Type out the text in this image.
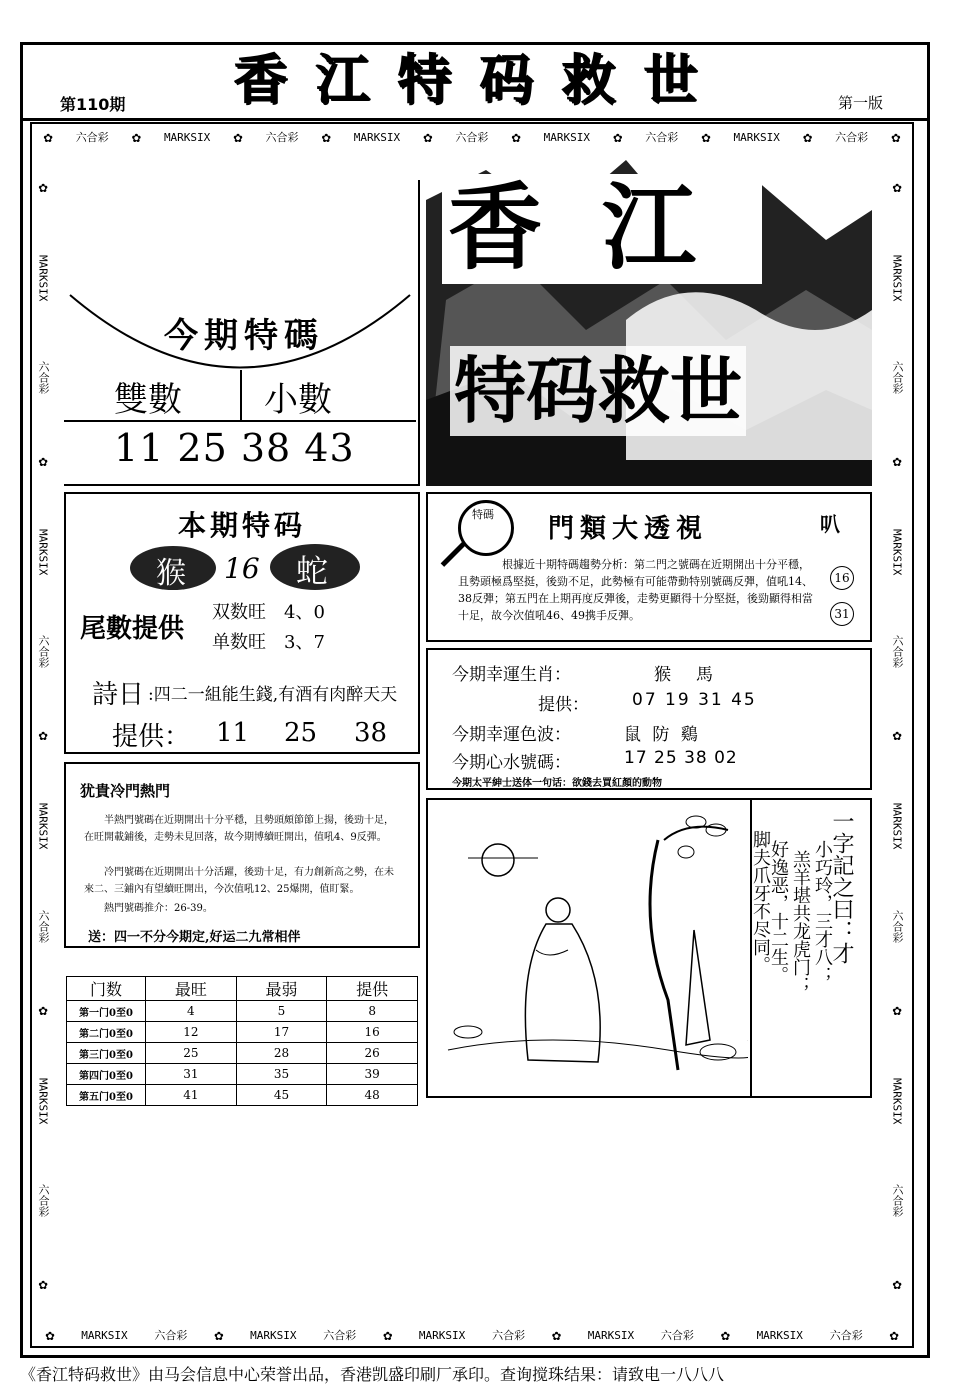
香江特码救世
第110期	第一版
✿ 六合彩 ✿ MARKSIX ✿ 六合彩 ✿ MARKSIX ✿ 六合彩 ✿ MARKSIX ✿ 六合彩 ✿ MARKSIX ✿ 六合彩 ✿
✿ MARKSIX 六合彩 ✿ MARKSIX 六合彩 ✿ MARKSIX 六合彩 ✿ MARKSIX 六合彩 ✿ MARKSIX 六合彩 ✿
✿
MARKSIX
六合彩
✿
MARKSIX
六合彩
✿
MARKSIX
六合彩
✿
MARKSIX
六合彩
✿
✿
MARKSIX
六合彩
✿
MARKSIX
六合彩
✿
MARKSIX
六合彩
✿
MARKSIX
六合彩
✿
今期特碼
雙數 小數
11 25 38 43
香江
特码救世
本期特码
猴 16 蛇
尾數提供
双数旺　4、0
单数旺　3、7
詩日 :四二一組能生錢,有酒有肉醉天天
提供： 11 25 38
特碼 門類大透視	叭
根據近十期特碼趨勢分析：第二門之號碼在近期開出十分平穩，且勢頭極爲堅挺，後勁不足，此勢極有可能帶動特别號碼反彈，值吼14、38反彈；第五門在上期再度反彈後，走勢更顯得十分堅挺，後勁顯得相當十足，故今次值吼46、49携手反彈。
16
31
今期幸運生肖：	猴　馬
提供：	07 19 31 45
今期幸運色波：	鼠 防 鷄
今期心水號碼：	17 25 38 02
今期太平紳士送体一句话：欲錢去買紅顏的動物
犹貴冷門熱門
半熱門號碼在近期開出十分平穩，且勢頭頗節節上揚，後勁十足，在旺開載鋪後，走勢未見回落，故今期博續旺開出，值吼4、9反彈。
冷門號碼在近期開出十分活躍，後勁十足，有力創新高之勢，在未來二、三鋪內有望續旺開出，今次值吼12、25爆開，值盯緊。
熱門號碼推介：26-39。
送：四一不分今期定,好运二九常相伴
门数	最旺	最弱	提供
第一门0至0	4	5	8
第二门0至0	12	17	16
第三门0至0	25	28	26
第四门0至0	31	35	39
第五门0至0	41	45	48
一字記之曰：才
小巧玲，三才八；
羔羊堪共龙虎门；
好逸恶，十二生。
脚夫爪牙不尽同。
《香江特码救世》由马会信息中心荣誉出品，香港凯盛印刷厂承印。查询搅珠结果：请致电一八八八
